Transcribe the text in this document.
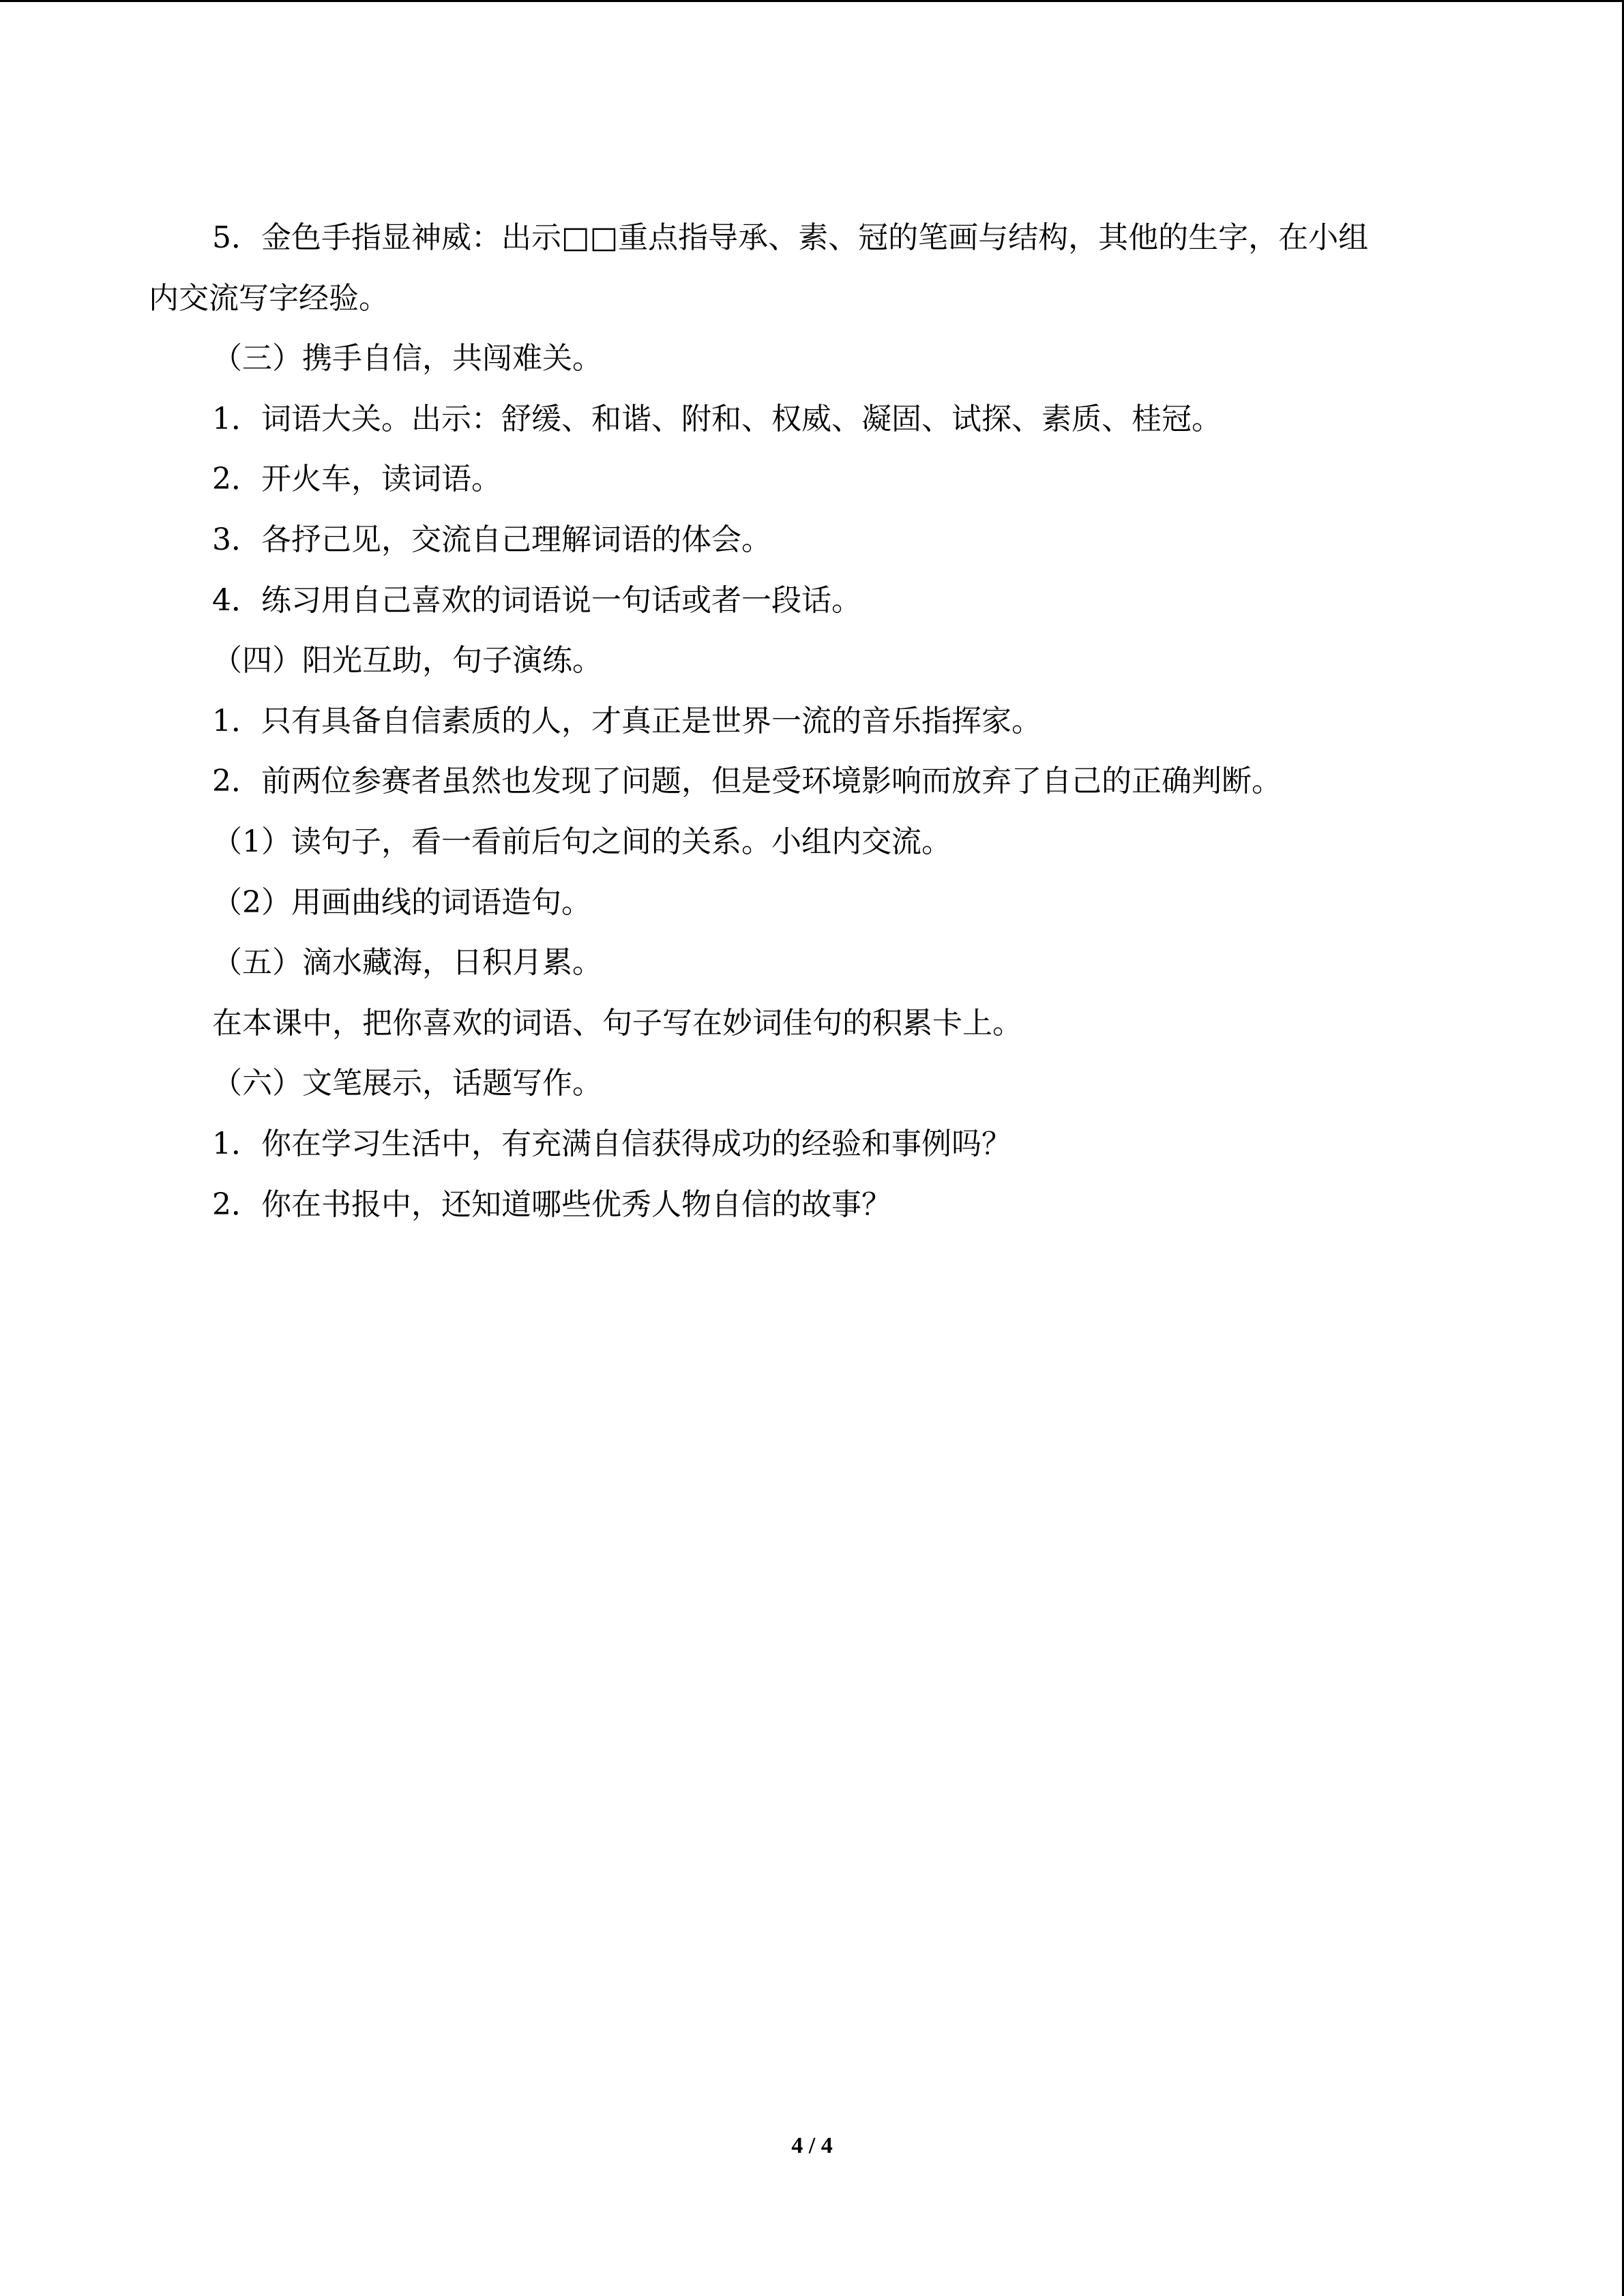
5．金色手指显神威：出示□□重点指导承、素、冠的笔画与结构，其他的生字，在小组

内交流写字经验。

（三）携手自信，共闯难关。

1．词语大关。出示：舒缓、和谐、附和、权威、凝固、试探、素质、桂冠。

2．开火车，读词语。

3．各抒己见，交流自己理解词语的体会。

4．练习用自己喜欢的词语说一句话或者一段话。

（四）阳光互助，句子演练。

1．只有具备自信素质的人，才真正是世界一流的音乐指挥家。

2．前两位参赛者虽然也发现了问题，但是受环境影响而放弃了自己的正确判断。

（1）读句子，看一看前后句之间的关系。小组内交流。

（2）用画曲线的词语造句。

（五）滴水藏海，日积月累。

在本课中，把你喜欢的词语、句子写在妙词佳句的积累卡上。

（六）文笔展示，话题写作。

1．你在学习生活中，有充满自信获得成功的经验和事例吗？

2．你在书报中，还知道哪些优秀人物自信的故事？

4 / 4
